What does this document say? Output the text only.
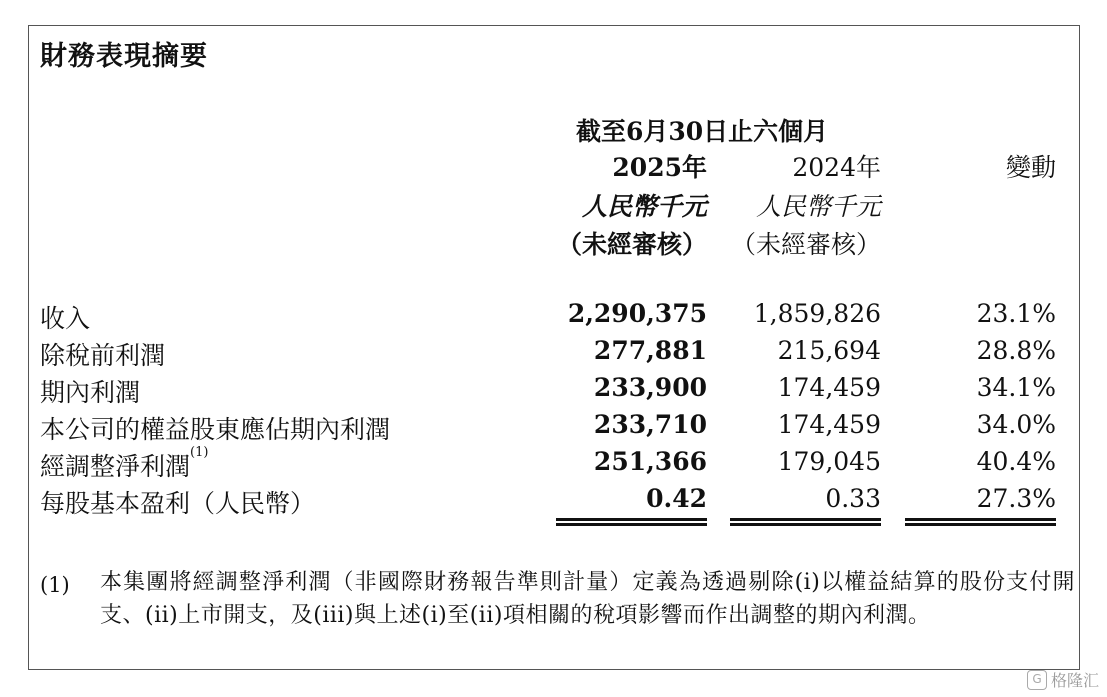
財務表現摘要
截至6月30日止六個月
2025年	2024年	變動
人民幣千元 人民幣千元
（未經審核） （未經審核）
收入	2,290,375 1,859,826	23.1%
除稅前利潤	277,881	215,694	28.8%
期內利潤	233,900	174,459	34.1%
本公司的權益股東應佔期內利潤	233,710	174,459	34.0%
經調整淨利潤$^{(1)}$	251,366	179,045	40.4%
每股基本盈利（人民幣）	0.42	0.33	27.3%
(1) 本集團將經調整淨利潤（非國際財務報告準則計量）定義為透過剔除(i)以權益結算的股份支付開支、(ii)上市開支，及(iii)與上述(i)至(ii)項相關的稅項影響而作出調整的期內利潤。
G 格隆汇
